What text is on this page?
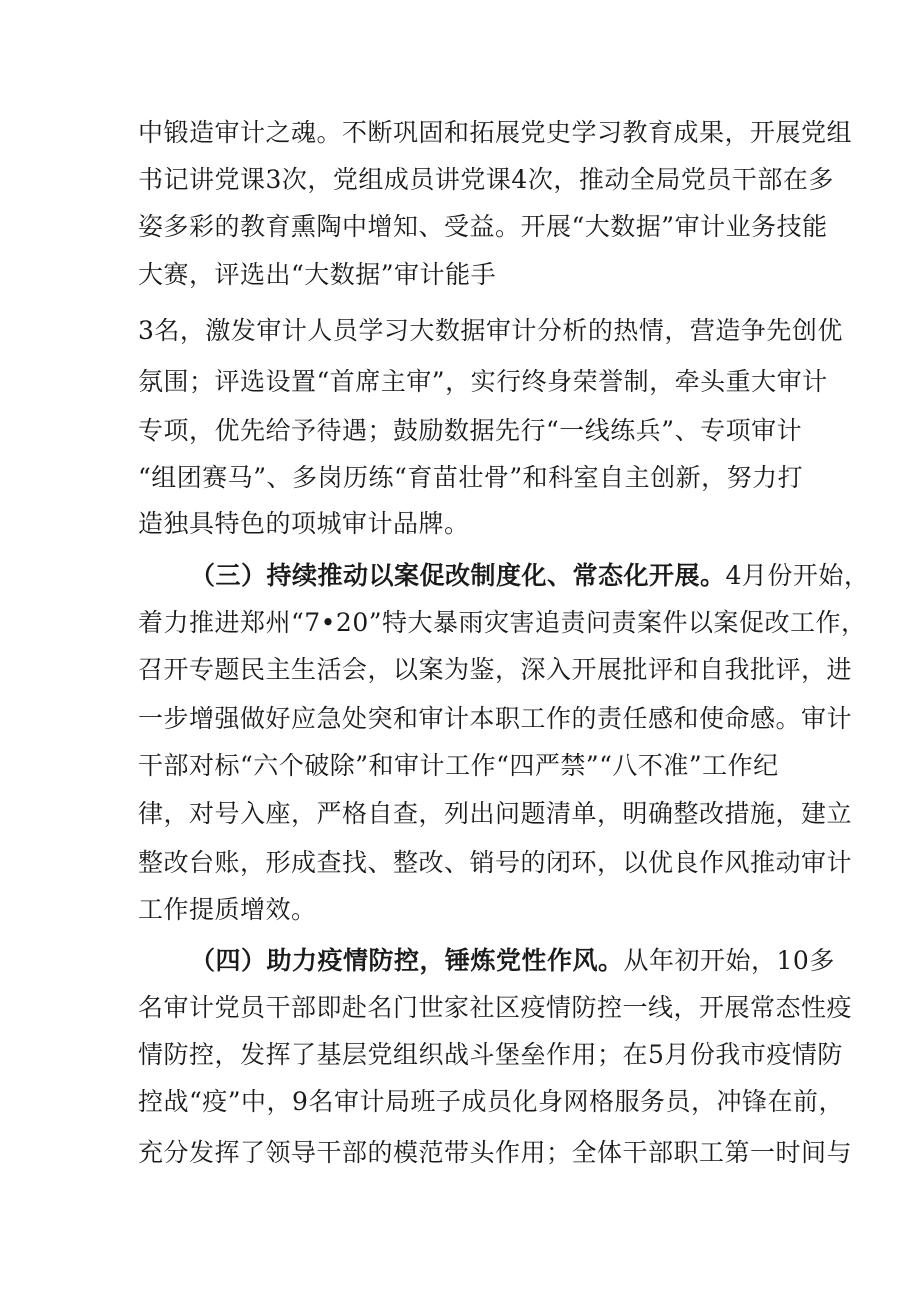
中锻造审计之魂。不断巩固和拓展党史学习教育成果，开展党组
书记讲党课3次，党组成员讲党课4次，推动全局党员干部在多
姿多彩的教育熏陶中增知、受益。开展“大数据”审计业务技能
大赛，评选出“大数据”审计能手
3名，激发审计人员学习大数据审计分析的热情，营造争先创优
氛围；评选设置“首席主审”，实行终身荣誉制，牵头重大审计
专项，优先给予待遇；鼓励数据先行“一线练兵”、专项审计
“组团赛马”、多岗历练“育苗壮骨”和科室自主创新，努力打
造独具特色的项城审计品牌。
（三）持续推动以案促改制度化、常态化开展。4月份开始，
着力推进郑州“7•20”特大暴雨灾害追责问责案件以案促改工作，
召开专题民主生活会，以案为鉴，深入开展批评和自我批评，进
一步增强做好应急处突和审计本职工作的责任感和使命感。审计
干部对标“六个破除”和审计工作“四严禁”“八不准”工作纪
律，对号入座，严格自查，列出问题清单，明确整改措施，建立
整改台账，形成查找、整改、销号的闭环，以优良作风推动审计
工作提质增效。
（四）助力疫情防控，锤炼党性作风。从年初开始，10多
名审计党员干部即赴名门世家社区疫情防控一线，开展常态性疫
情防控，发挥了基层党组织战斗堡垒作用；在5月份我市疫情防
控战“疫”中，9名审计局班子成员化身网格服务员，冲锋在前，
充分发挥了领导干部的模范带头作用；全体干部职工第一时间与
